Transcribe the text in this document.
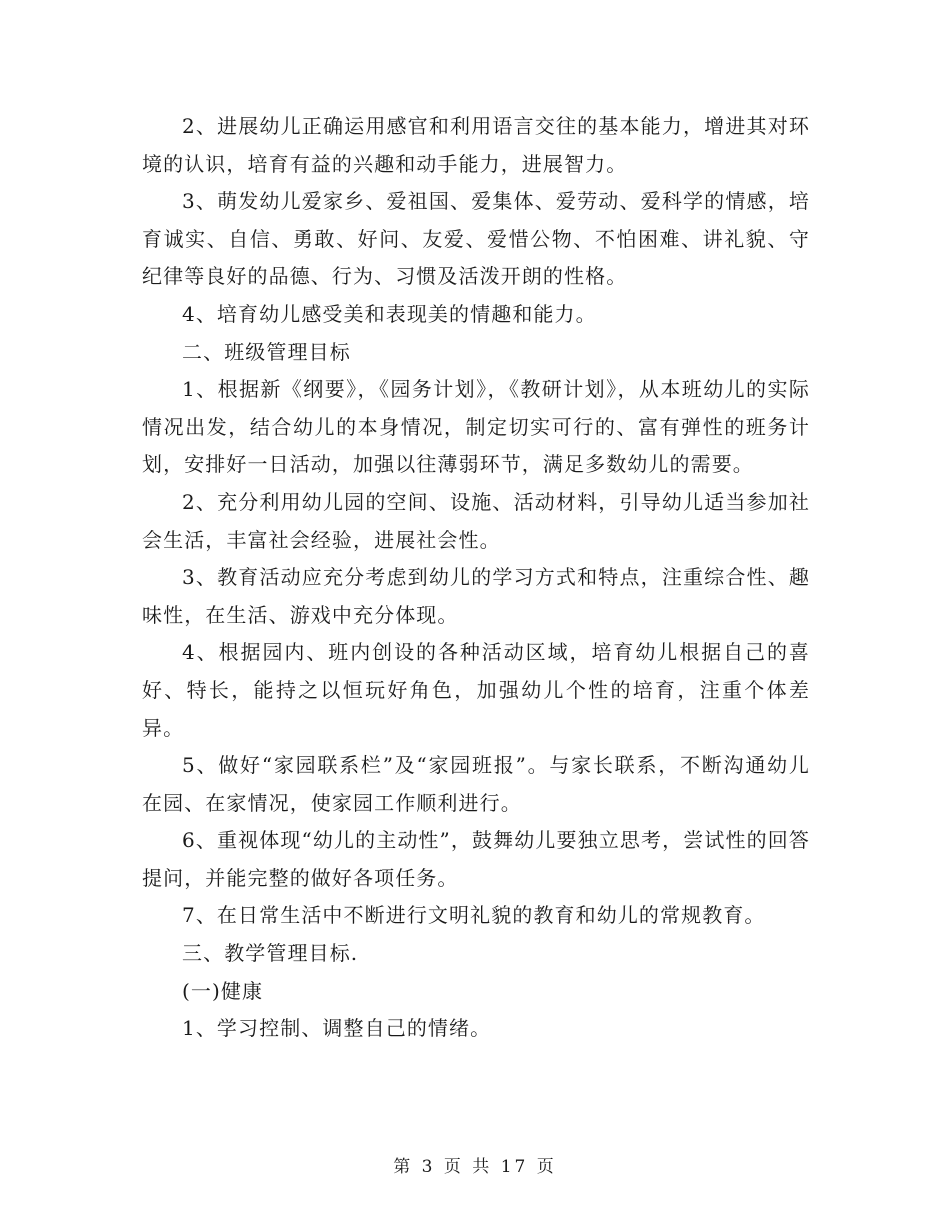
2、进展幼儿正确运用感官和利用语言交往的基本能力，增进其对环境的认识，培育有益的兴趣和动手能力，进展智力。

3、萌发幼儿爱家乡、爱祖国、爱集体、爱劳动、爱科学的情感，培育诚实、自信、勇敢、好问、友爱、爱惜公物、不怕困难、讲礼貌、守纪律等良好的品德、行为、习惯及活泼开朗的性格。

4、培育幼儿感受美和表现美的情趣和能力。

二、班级管理目标

1、根据新《纲要》，《园务计划》，《教研计划》，从本班幼儿的实际情况出发，结合幼儿的本身情况，制定切实可行的、富有弹性的班务计划，安排好一日活动，加强以往薄弱环节，满足多数幼儿的需要。

2、充分利用幼儿园的空间、设施、活动材料，引导幼儿适当参加社会生活，丰富社会经验，进展社会性。

3、教育活动应充分考虑到幼儿的学习方式和特点，注重综合性、趣味性，在生活、游戏中充分体现。

4、根据园内、班内创设的各种活动区域，培育幼儿根据自己的喜好、特长，能持之以恒玩好角色，加强幼儿个性的培育，注重个体差异。

5、做好“家园联系栏”及“家园班报”。与家长联系，不断沟通幼儿在园、在家情况，使家园工作顺利进行。

6、重视体现“幼儿的主动性”，鼓舞幼儿要独立思考，尝试性的回答提问，并能完整的做好各项任务。

7、在日常生活中不断进行文明礼貌的教育和幼儿的常规教育。

三、教学管理目标.

(一)健康

1、学习控制、调整自己的情绪。

第 3 页 共 17 页
